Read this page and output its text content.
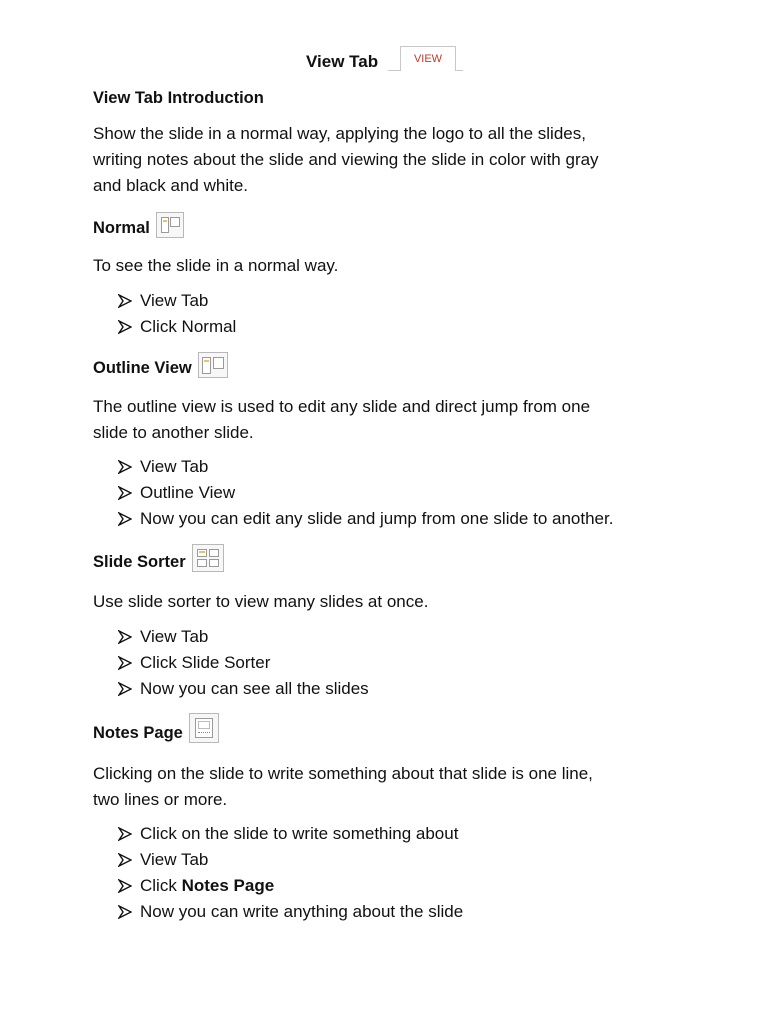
View Tab	VIEW
View Tab Introduction
Show the slide in a normal way, applying the logo to all the slides,
writing notes about the slide and viewing the slide in color with gray
and black and white.
Normal
To see the slide in a normal way.
View Tab
Click Normal
Outline View
The outline view is used to edit any slide and direct jump from one
slide to another slide.
View Tab
Outline View
Now you can edit any slide and jump from one slide to another.
Slide Sorter
Use slide sorter to view many slides at once.
View Tab
Click Slide Sorter
Now you can see all the slides
Notes Page
Clicking on the slide to write something about that slide is one line,
two lines or more.
Click on the slide to write something about
View Tab
Click
Notes Page
Now you can write anything about the slide
